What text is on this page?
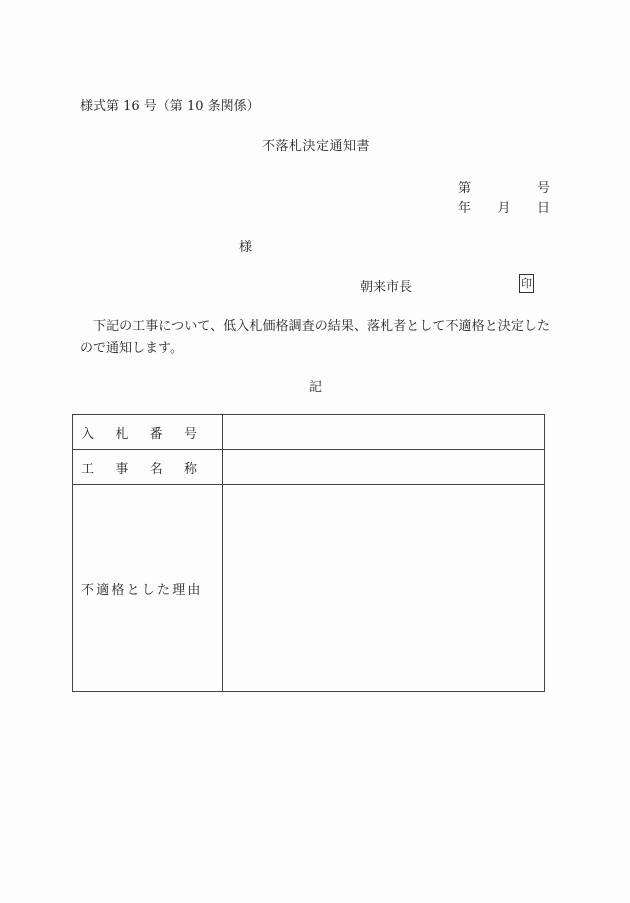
様式第 16 号（第 10 条関係）
不落札決定通知書
第	号
年 月 日
様
朝来市長	印
下記の工事について、低入札価格調査の結果、落札者として不適格と決定したので通知します。
記
入 札 番 号	

工 事 名 称	

不適格とした理由	
